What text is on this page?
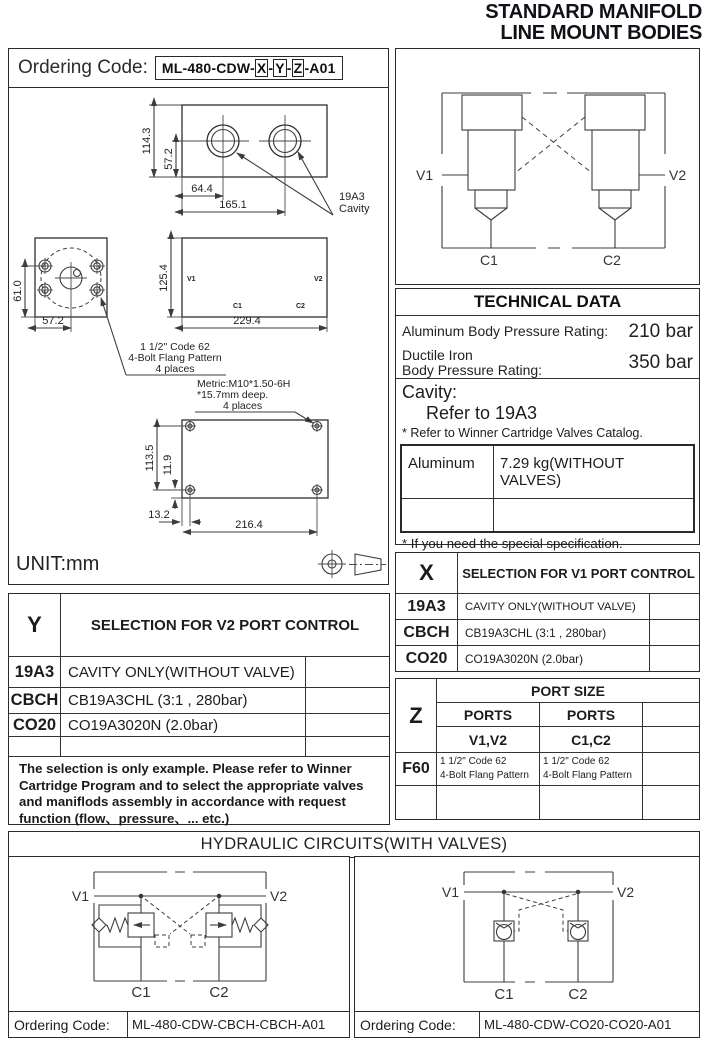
STANDARD MANIFOLD
LINE MOUNT BODIES
Ordering Code:	ML-480-CDW- X - Y - Z -A01
114.3
57.2
64.4
165.1
19A3
Cavity
61.0
57.2
1 1/2" Code 62
4-Bolt Flang Pattern
4 places
V1	V2
C1	C2
125.4
229.4
Metric:M10*1.50-6H
*15.7mm deep.
4 places
113.5 11.9
13.2
216.4
UNIT:mm
V1	V2
C1	C2
TECHNICAL DATA
Aluminum Body Pressure Rating:	210 bar
Ductile Iron
Body Pressure Rating:	350 bar
Cavity:
Refer to 19A3
* Refer to Winner Cartridge Valves Catalog.
Aluminum	7.29 kg(WITHOUT VALVES)
* If you need the special specification.
X	SELECTION FOR V1 PORT CONTROL
19A3	CAVITY ONLY(WITHOUT VALVE)
CBCH	CB19A3CHL (3:1 , 280bar)
CO20	CO19A3020N (2.0bar)
Z
PORT SIZE
PORTS	PORTS
V1,V2	C1,C2
F60	1 1/2" Code 62
4-Bolt Flang Pattern
1 1/2" Code 62
4-Bolt Flang Pattern
Y	SELECTION FOR V2 PORT CONTROL
19A3 CAVITY ONLY(WITHOUT VALVE)
CBCH CB19A3CHL (3:1 , 280bar)
CO20 CO19A3020N (2.0bar)
The selection is only example. Please refer to Winner Cartridge Program and to select the appropriate valves and maniflods assembly in accordance with request function (flow、pressure、... etc.)
HYDRAULIC CIRCUITS(WITH VALVES)
V1	V2
C1	C2
Ordering Code:	ML-480-CDW-CBCH-CBCH-A01
V1	V2
C1	C2
Ordering Code:	ML-480-CDW-CO20-CO20-A01
